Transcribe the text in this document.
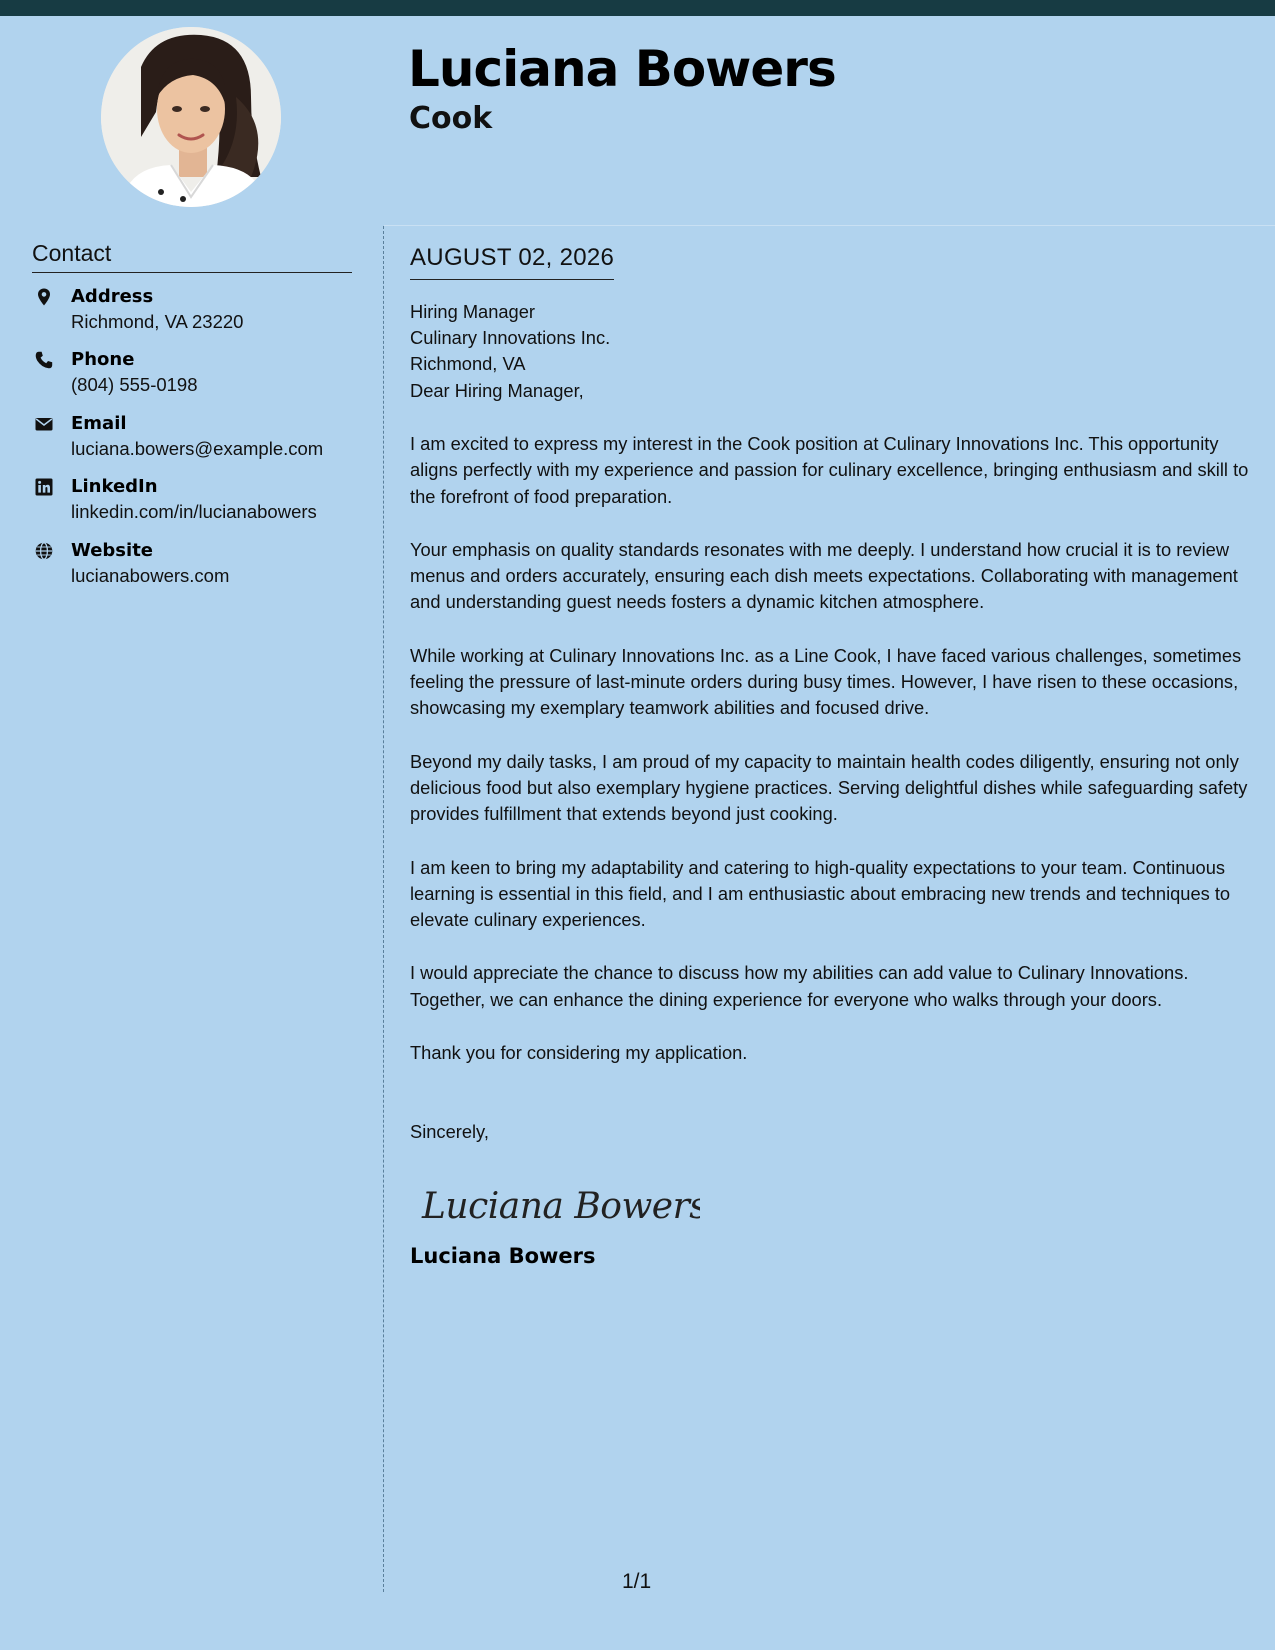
Luciana Bowers
Cook
Contact
Address
Richmond, VA 23220
Phone
(804) 555-0198
Email
luciana.bowers@example.com
LinkedIn
linkedin.com/in/lucianabowers
Website
lucianabowers.com
AUGUST 02, 2026

Hiring Manager

Culinary Innovations Inc.

Richmond, VA

Dear Hiring Manager,

I am excited to express my interest in the Cook position at Culinary Innovations Inc. This opportunity aligns perfectly with my experience and passion for culinary excellence, bringing enthusiasm and skill to the forefront of food preparation.

Your emphasis on quality standards resonates with me deeply. I understand how crucial it is to review menus and orders accurately, ensuring each dish meets expectations. Collaborating with management and understanding guest needs fosters a dynamic kitchen atmosphere.

While working at Culinary Innovations Inc. as a Line Cook, I have faced various challenges, sometimes feeling the pressure of last-minute orders during busy times. However, I have risen to these occasions, showcasing my exemplary teamwork abilities and focused drive.

Beyond my daily tasks, I am proud of my capacity to maintain health codes diligently, ensuring not only delicious food but also exemplary hygiene practices. Serving delightful dishes while safeguarding safety provides fulfillment that extends beyond just cooking.

I am keen to bring my adaptability and catering to high-quality expectations to your team. Continuous learning is essential in this field, and I am enthusiastic about embracing new trends and techniques to elevate culinary experiences.

I would appreciate the chance to discuss how my abilities can add value to Culinary Innovations. Together, we can enhance the dining experience for everyone who walks through your doors.

Thank you for considering my application.

Sincerely,

Luciana Bowers
Luciana Bowers
1/1
